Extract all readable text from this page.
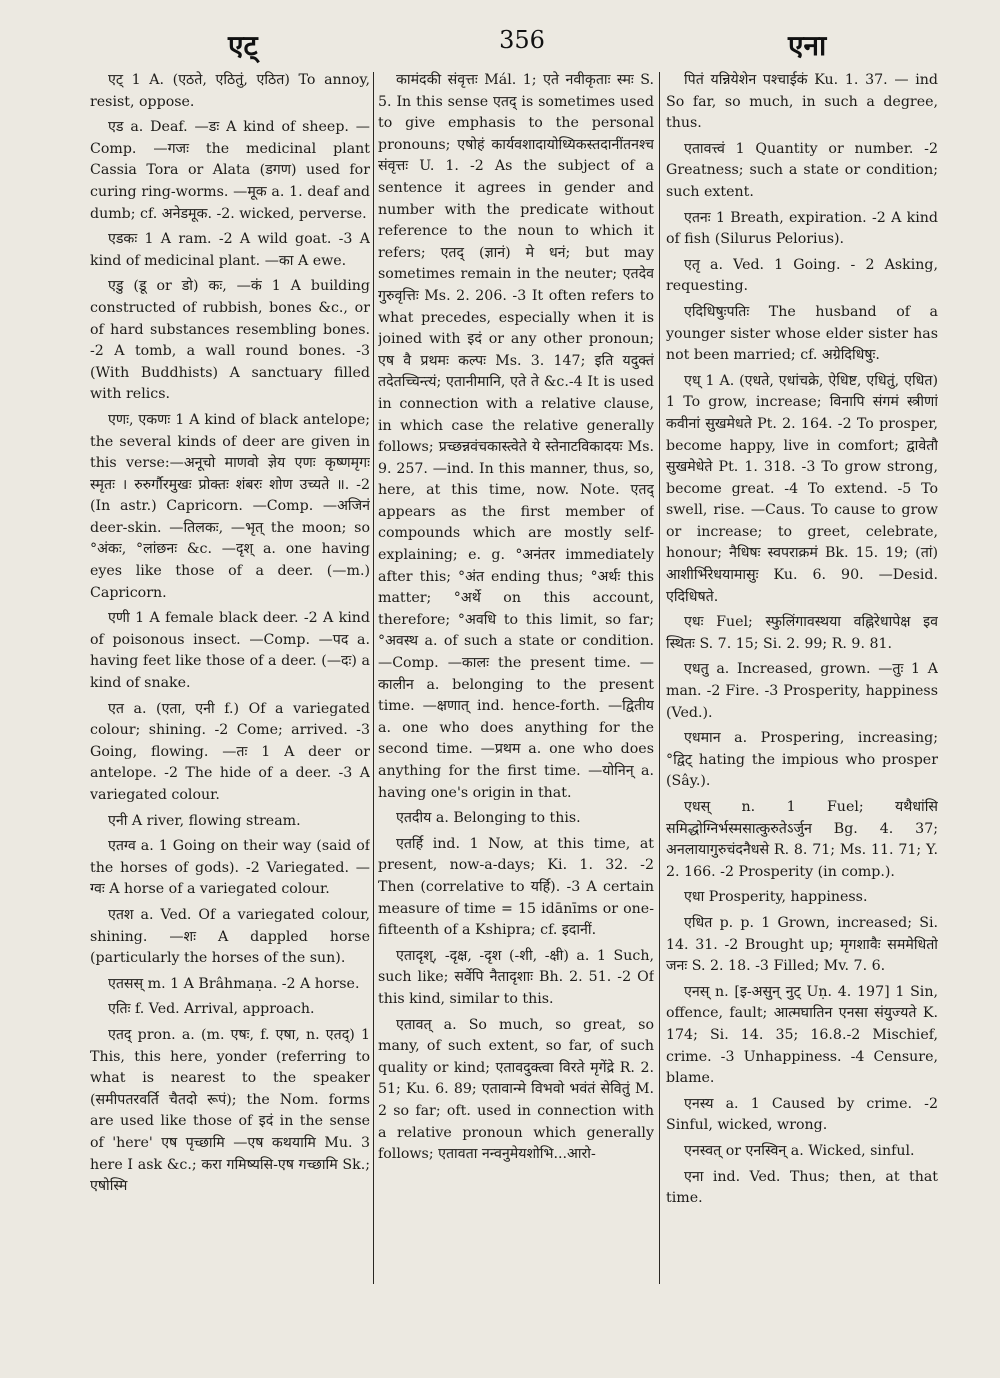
एट्	356	एना

एट् 1 A. (एठते, एठितुं, एठित) To annoy, resist, oppose.

एड a. Deaf. —डः A kind of sheep. —Comp. —गजः the medicinal plant Cassia Tora or Alata (डगण) used for curing ring-worms. —मूक a. 1. deaf and dumb; cf. अनेडमूक. -2. wicked, perverse.

एडकः 1 A ram. -2 A wild goat. -3 A kind of medicinal plant. —का A ewe.

एडु (डू or डो) कः, —कं 1 A building constructed of rubbish, bones &c., or of hard substances resembling bones. -2 A tomb, a wall round bones. -3 (With Buddhists) A sanctuary filled with relics.

एणः, एकणः 1 A kind of black antelope; the several kinds of deer are given in this verse:—अनूचो माणवो ज्ञेय एणः कृष्णमृगः स्मृतः । रुरुर्गौरमुखः प्रोक्तः शंबरः शोण उच्यते ॥. -2 (In astr.) Capricorn. —Comp. —अजिनं deer-skin. —तिलकः, —भृत् the moon; so °अंकः, °लांछनः &c. —दृश् a. one having eyes like those of a deer. (—m.) Capricorn.

एणी 1 A female black deer. -2 A kind of poisonous insect. —Comp. —पद a. having feet like those of a deer. (—दः) a kind of snake.

एत a. (एता, एनी f.) Of a variegated colour; shining. -2 Come; arrived. -3 Going, flowing. —तः 1 A deer or antelope. -2 The hide of a deer. -3 A variegated colour.

एनी A river, flowing stream.

एतग्व a. 1 Going on their way (said of the horses of gods). -2 Variegated. —ग्वः A horse of a variegated colour.

एतश a. Ved. Of a variegated colour, shining. —शः A dappled horse (particularly the horses of the sun).

एतसस् m. 1 A Brâhmaṇa. -2 A horse.

एतिः f. Ved. Arrival, approach.

एतद् pron. a. (m. एषः, f. एषा, n. एतद्) 1 This, this here, yonder (referring to what is nearest to the speaker (समीपतरवर्ति चैतदो रूपं); the Nom. forms are used like those of इदं in the sense of 'here' एष पृच्छामि —एष कथयामि Mu. 3 here I ask &c.; करा गमिष्यसि-एष गच्छामि Sk.; एषोस्मि

कामंदकी संवृत्तः Mál. 1; एते नवीकृताः स्मः S. 5. In this sense एतद् is sometimes used to give emphasis to the personal pronouns; एषोहं कार्यवशादायोध्यिकस्तदानींतनश्च संवृत्तः U. 1. -2 As the subject of a sentence it agrees in gender and number with the predicate without reference to the noun to which it refers; एतद् (ज्ञानं) मे धनं; but may sometimes remain in the neuter; एतदेव गुरुवृत्तिः Ms. 2. 206. -3 It often refers to what precedes, especially when it is joined with इदं or any other pronoun; एष वै प्रथमः कल्पः Ms. 3. 147; इति यदुक्तं तदेतच्चिन्त्यं; एतानीमानि, एते ते &c.-4 It is used in connection with a relative clause, in which case the relative generally follows; प्रच्छन्नवंचकास्त्वेते ये स्तेनाटविकादयः Ms. 9. 257. —ind. In this manner, thus, so, here, at this time, now. Note. एतद् appears as the first member of compounds which are mostly self-explaining; e. g. °अनंतर immediately after this; °अंत ending thus; °अर्थः this matter; °अर्थे on this account, therefore; °अवधि to this limit, so far; °अवस्थ a. of such a state or condition. —Comp. —कालः the present time. —कालीन a. belonging to the present time. —क्षणात् ind. hence-forth. —द्वितीय a. one who does anything for the second time. —प्रथम a. one who does anything for the first time. —योनिन् a. having one's origin in that.

एतदीय a. Belonging to this.

एतर्हि ind. 1 Now, at this time, at present, now-a-days; Ki. 1. 32. -2 Then (correlative to यर्हि). -3 A certain measure of time = 15 idānīms or one-fifteenth of a Kshipra; cf. इदानीं.

एतादृश्, -दृक्ष, -दृश (-शी, -क्षी) a. 1 Such, such like; सर्वेपि नैतादृशाः Bh. 2. 51. -2 Of this kind, similar to this.

एतावत् a. So much, so great, so many, of such extent, so far, of such quality or kind; एतावदुक्त्वा विरते मृगेंद्रे R. 2. 51; Ku. 6. 89; एतावान्मे विभवो भवंतं सेवितुं M. 2 so far; oft. used in connection with a relative pronoun which generally follows; एतावता नन्वनुमेयशोभि...आरो-

पितं यन्नियेशेन पश्चाईकं Ku. 1. 37. — ind So far, so much, in such a degree, thus.

एतावत्त्वं 1 Quantity or number. -2 Greatness; such a state or condition; such extent.

एतनः 1 Breath, expiration. -2 A kind of fish (Silurus Pelorius).

एतृ a. Ved. 1 Going. - 2 Asking, requesting.

एदिधिषुःपतिः The husband of a younger sister whose elder sister has not been married; cf. अग्रेदिधिषुः.

एध् 1 A. (एधते, एधांचक्रे, ऐधिष्ट, एधितुं, एधित) 1 To grow, increase; विनापि संगमं स्त्रीणां कवीनां सुखमेधते Pt. 2. 164. -2 To prosper, become happy, live in comfort; द्वावेतौ सुखमेधेते Pt. 1. 318. -3 To grow strong, become great. -4 To extend. -5 To swell, rise. —Caus. To cause to grow or increase; to greet, celebrate, honour; नैधिषः स्वपराक्रमं Bk. 15. 19; (तां) आशीर्भिरेधयामासुः Ku. 6. 90. —Desid. एदिधिषते.

एधः Fuel; स्फुलिंगावस्थया वह्निरेधापेक्ष इव स्थितः S. 7. 15; Si. 2. 99; R. 9. 81.

एधतु a. Increased, grown. —तुः 1 A man. -2 Fire. -3 Prosperity, happiness (Ved.).

एधमान a. Prospering, increasing; °द्विट् hating the impious who prosper (Sây.).

एधस् n. 1 Fuel; यथैधांसि समिद्धोग्निर्भस्मसात्कुरुतेऽर्जुन Bg. 4. 37; अनलायागुरुचंदनैधसे R. 8. 71; Ms. 11. 71; Y. 2. 166. -2 Prosperity (in comp.).

एधा Prosperity, happiness.

एधित p. p. 1 Grown, increased; Si. 14. 31. -2 Brought up; मृगशावैः सममेधितो जनः S. 2. 18. -3 Filled; Mv. 7. 6.

एनस् n. [इ-असुन् नुट् Uṇ. 4. 197] 1 Sin, offence, fault; आत्मघातिन एनसा संयुज्यते K. 174; Si. 14. 35; 16.8.-2 Mischief, crime. -3 Unhappiness. -4 Censure, blame.

एनस्य a. 1 Caused by crime. -2 Sinful, wicked, wrong.

एनस्वत् or एनस्विन् a. Wicked, sinful.

एना ind. Ved. Thus; then, at that time.
